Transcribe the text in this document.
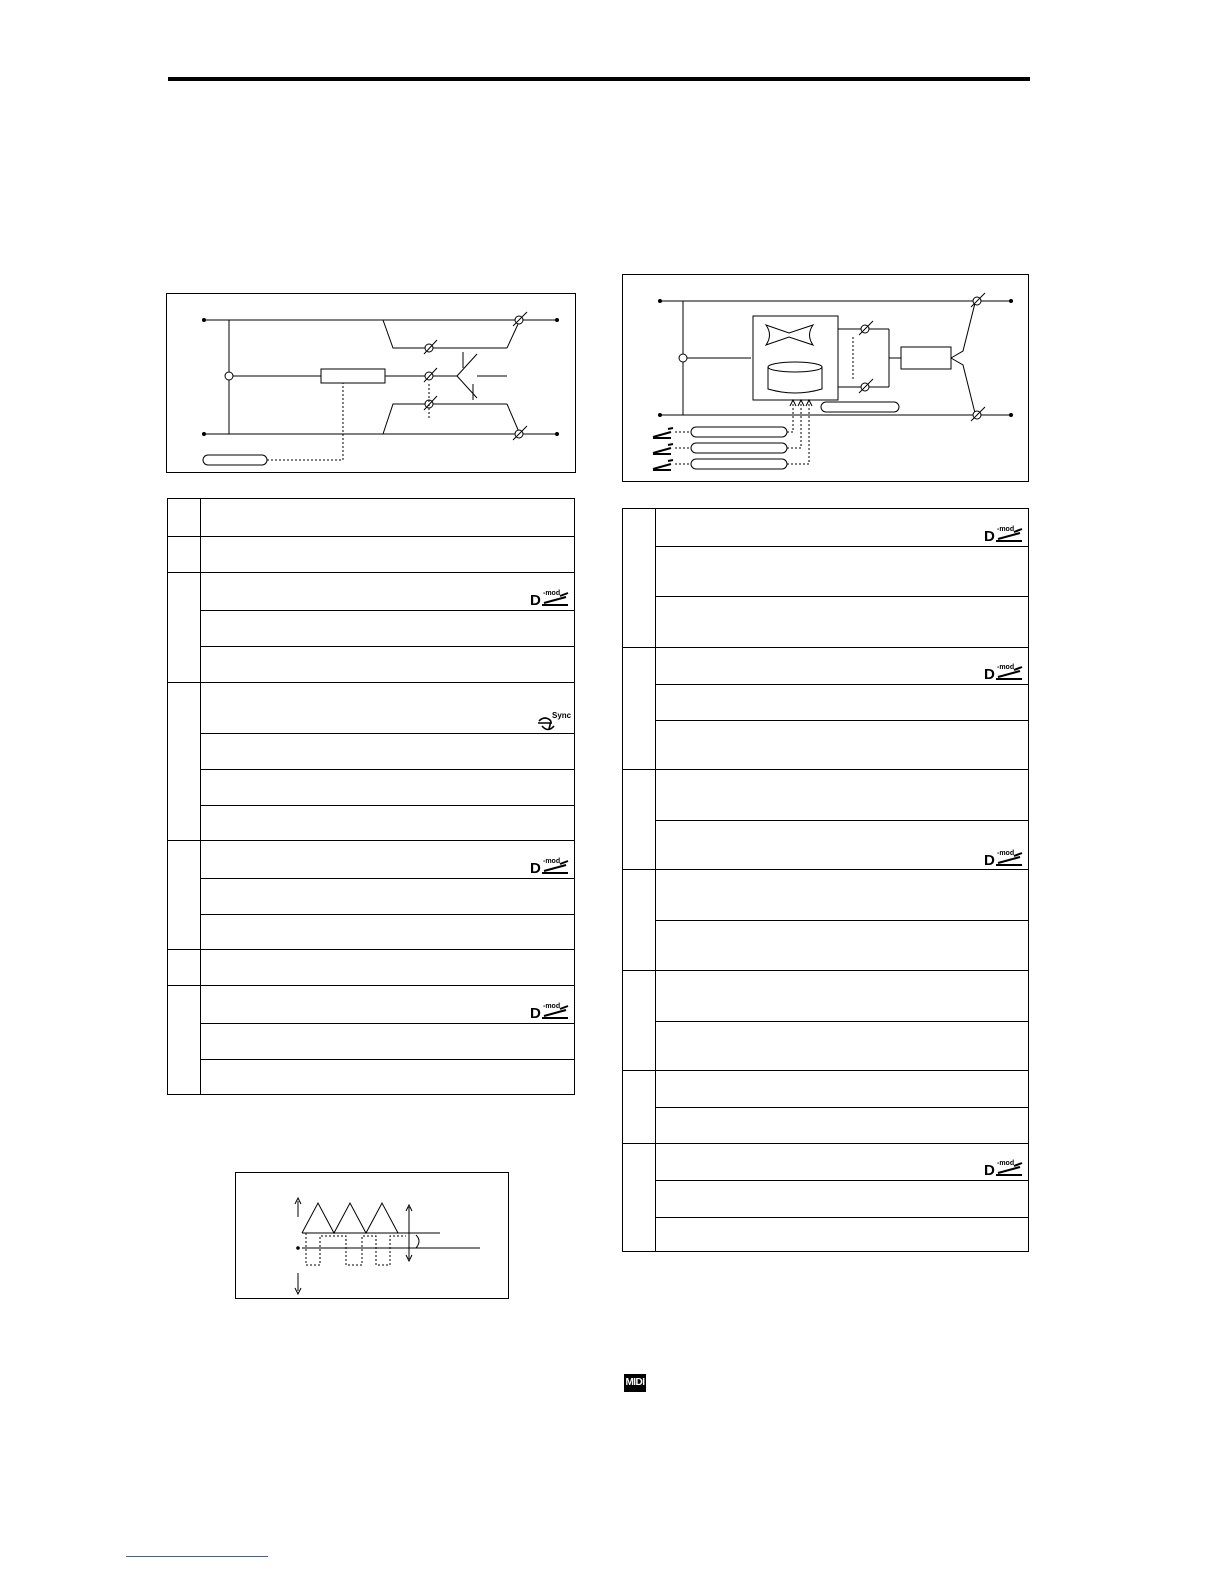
D -mod
Sync
D -mod
D -mod
D -mod
D -mod
D -mod
D -mod
MIDI
